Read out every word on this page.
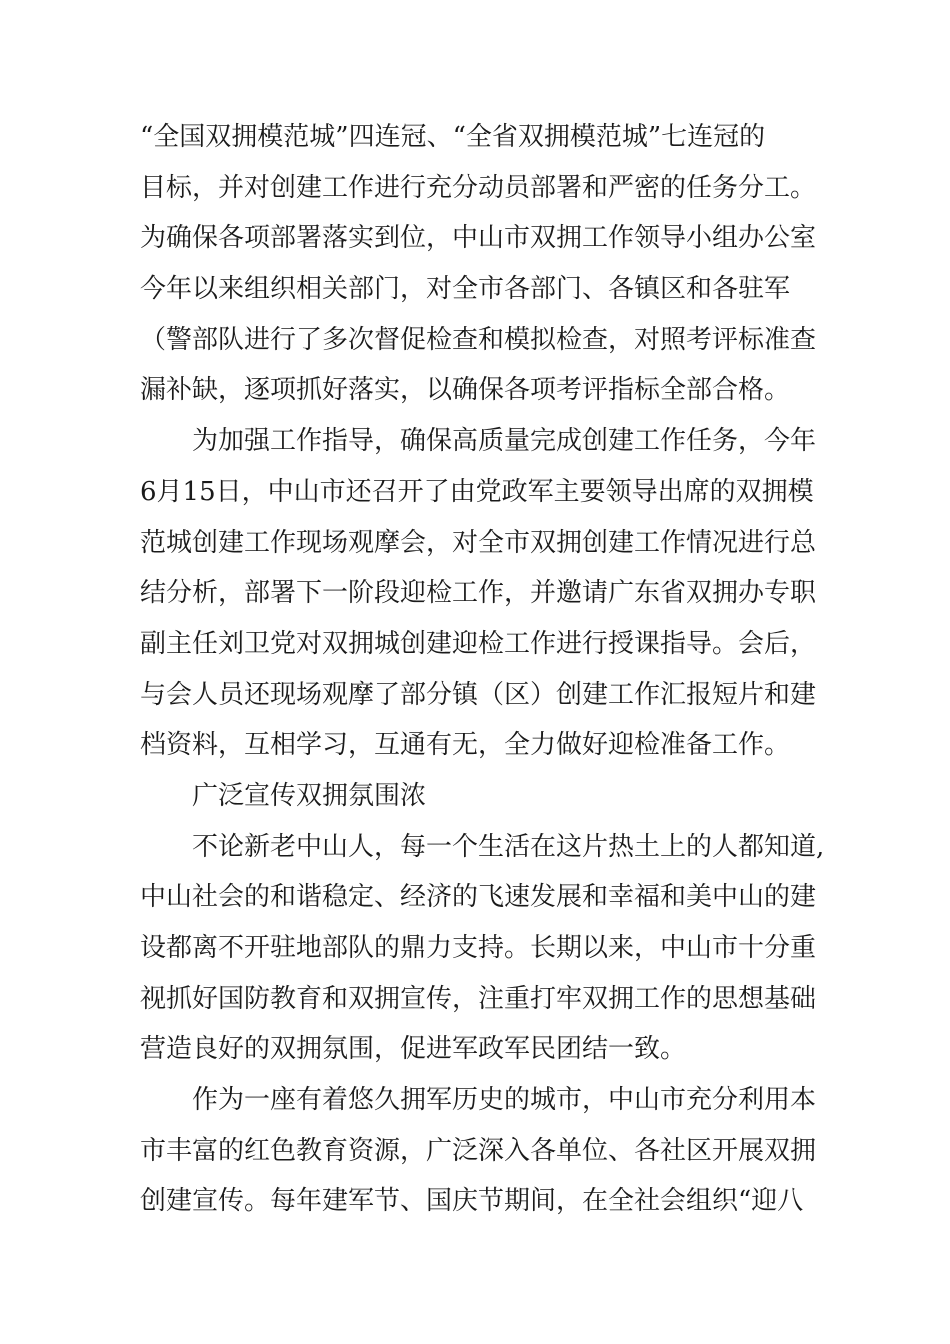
“全国双拥模范城”四连冠、“全省双拥模范城”七连冠的
目标，并对创建工作进行充分动员部署和严密的任务分工。
为确保各项部署落实到位，中山市双拥工作领导小组办公室
今年以来组织相关部门，对全市各部门、各镇区和各驻军
（警部队进行了多次督促检查和模拟检查，对照考评标准查
漏补缺，逐项抓好落实，以确保各项考评指标全部合格。
　　为加强工作指导，确保高质量完成创建工作任务，今年
6月15日，中山市还召开了由党政军主要领导出席的双拥模
范城创建工作现场观摩会，对全市双拥创建工作情况进行总
结分析，部署下一阶段迎检工作，并邀请广东省双拥办专职
副主任刘卫党对双拥城创建迎检工作进行授课指导。会后，
与会人员还现场观摩了部分镇（区）创建工作汇报短片和建
档资料，互相学习，互通有无，全力做好迎检准备工作。
　　广泛宣传双拥氛围浓
　　不论新老中山人，每一个生活在这片热土上的人都知道,
中山社会的和谐稳定、经济的飞速发展和幸福和美中山的建
设都离不开驻地部队的鼎力支持。长期以来，中山市十分重
视抓好国防教育和双拥宣传，注重打牢双拥工作的思想基础
营造良好的双拥氛围，促进军政军民团结一致。
　　作为一座有着悠久拥军历史的城市，中山市充分利用本
市丰富的红色教育资源，广泛深入各单位、各社区开展双拥
创建宣传。每年建军节、国庆节期间，在全社会组织“迎八
